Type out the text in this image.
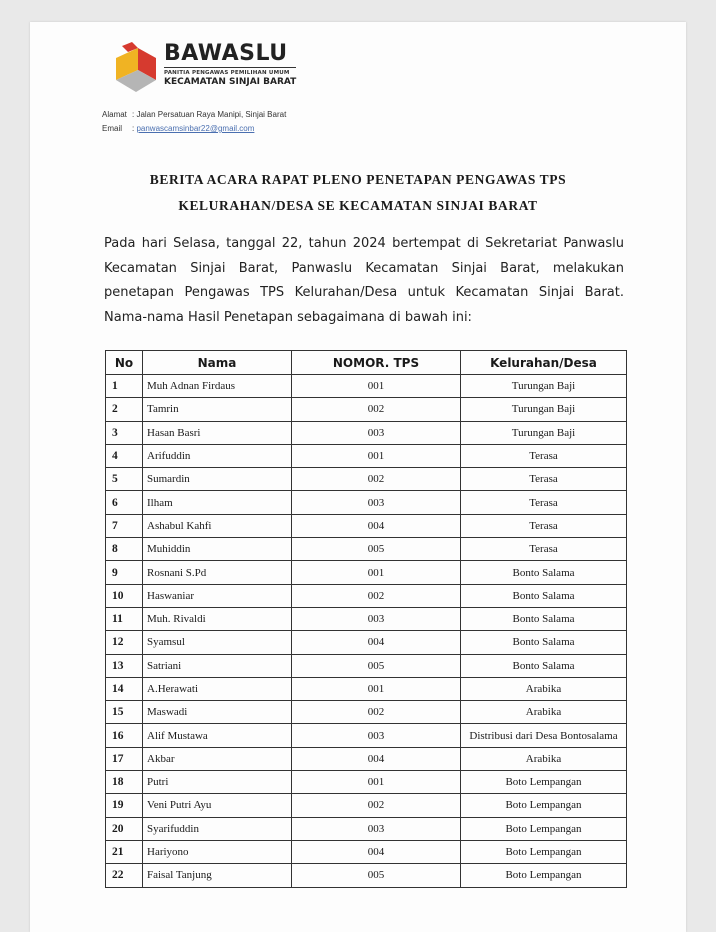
BAWASLU
PANITIA PENGAWAS PEMILIHAN UMUM
KECAMATAN SINJAI BARAT
Alamat : Jalan Persatuan Raya Manipi, Sinjai Barat
Email : panwascamsinbar22@gmail.com
BERITA ACARA RAPAT PLENO PENETAPAN PENGAWAS TPS
KELURAHAN/DESA SE KECAMATAN SINJAI BARAT
Pada hari Selasa, tanggal 22, tahun 2024 bertempat di Sekretariat Panwaslu Kecamatan Sinjai Barat, Panwaslu Kecamatan Sinjai Barat, melakukan penetapan Pengawas TPS Kelurahan/Desa untuk Kecamatan Sinjai Barat. Nama-nama Hasil Penetapan sebagaimana di bawah ini:
No	Nama	NOMOR. TPS	Kelurahan/Desa
1	Muh Adnan Firdaus	001	Turungan Baji
2	Tamrin	002	Turungan Baji
3	Hasan Basri	003	Turungan Baji
4	Arifuddin	001	Terasa
5	Sumardin	002	Terasa
6	Ilham	003	Terasa
7	Ashabul Kahfi	004	Terasa
8	Muhiddin	005	Terasa
9	Rosnani S.Pd	001	Bonto Salama
10	Haswaniar	002	Bonto Salama
11	Muh. Rivaldi	003	Bonto Salama
12	Syamsul	004	Bonto Salama
13	Satriani	005	Bonto Salama
14	A.Herawati	001	Arabika
15	Maswadi	002	Arabika
16	Alif Mustawa	003	Distribusi dari Desa Bontosalama
17	Akbar	004	Arabika
18	Putri	001	Boto Lempangan
19	Veni Putri Ayu	002	Boto Lempangan
20	Syarifuddin	003	Boto Lempangan
21	Hariyono	004	Boto Lempangan
22	Faisal Tanjung	005	Boto Lempangan
